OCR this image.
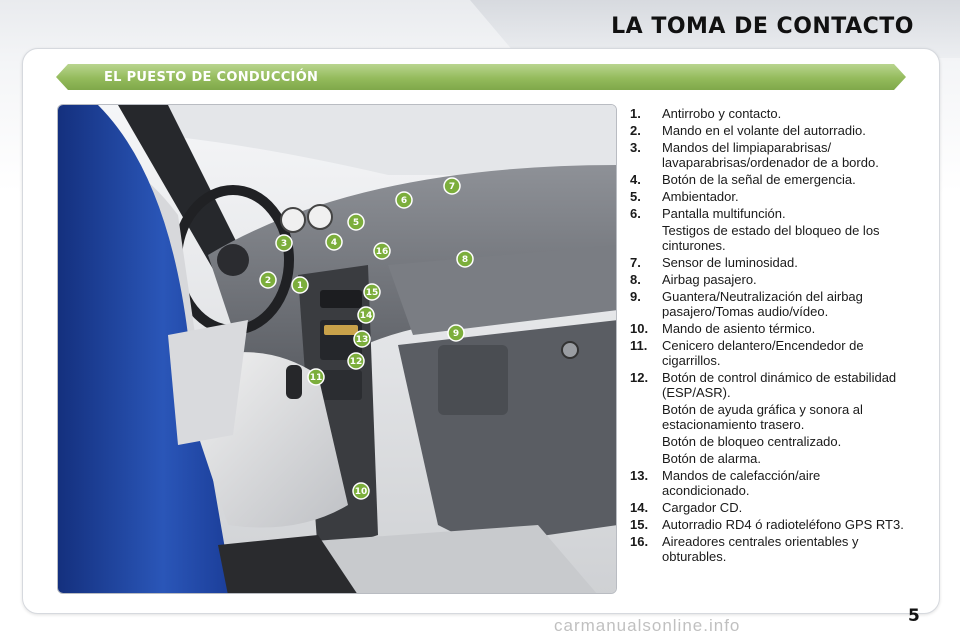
LA TOMA DE CONTACTO
EL PUESTO DE CONDUCCIÓN
1
2
3	4
5
6
7
8
9
10
11
12
13
14
15
16
1.	Antirrobo y contacto.
2.	Mando en el volante del autorradio.
3.	Mandos del limpiaparabrisas/ lavaparabrisas/ordenador de a bordo.
4.	Botón de la señal de emergencia.
5.	Ambientador.
6.	Pantalla multifunción.
Testigos de estado del bloqueo de los cinturones.
7.	Sensor de luminosidad.
8.	Airbag pasajero.
9.	Guantera/Neutralización del airbag pasajero/Tomas audio/vídeo.
10.	Mando de asiento térmico.
11.	Cenicero delantero/Encendedor de cigarrillos.
12.	Botón de control dinámico de estabilidad (ESP/ASR).
Botón de ayuda gráfica y sonora al estacionamiento trasero.
Botón de bloqueo centralizado.
Botón de alarma.
13.	Mandos de calefacción/aire acondicionado.
14.	Cargador CD.
15.	Autorradio RD4 ó radioteléfono GPS RT3.
16.	Aireadores centrales orientables y obturables.
5
carmanualsonline.info
